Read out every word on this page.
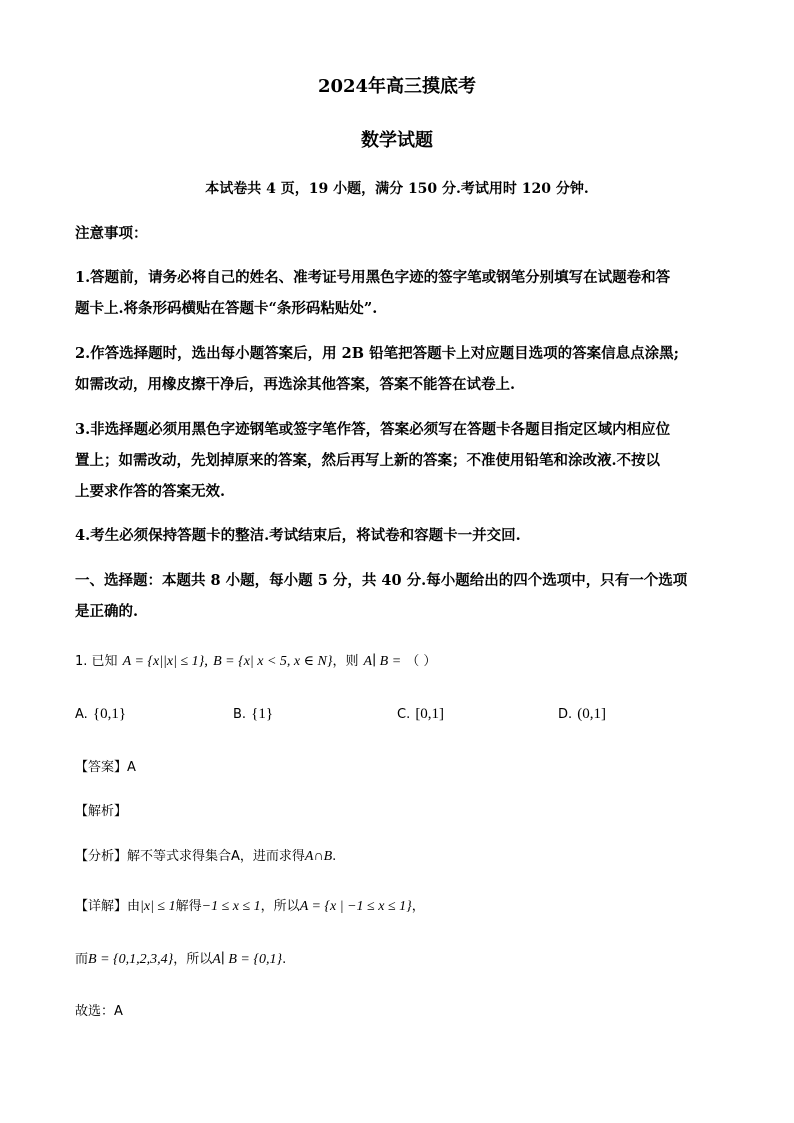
2024年高三摸底考
数学试题
本试卷共 4 页，19 小题，满分 150 分.考试用时 120 分钟.
注意事项：
1.答题前，请务必将自己的姓名、准考证号用黑色字迹的签字笔或钢笔分别填写在试题卷和答
题卡上.将条形码横贴在答题卡“条形码粘贴处”.
2.作答选择题时，选出每小题答案后，用 2B 铅笔把答题卡上对应题目选项的答案信息点涂黑;
如需改动，用橡皮擦干净后，再选涂其他答案，答案不能答在试卷上.
3.非选择题必须用黑色字迹钢笔或签字笔作答，答案必须写在答题卡各题目指定区域内相应位
置上；如需改动，先划掉原来的答案，然后再写上新的答案；不准使用铅笔和涂改液.不按以
上要求作答的答案无效.
4.考生必须保持答题卡的整洁.考试结束后，将试卷和容题卡一并交回.
一、选择题：本题共 8 小题，每小题 5 分，共 40 分.每小题给出的四个选项中，只有一个选项
是正确的.
1. 已知 A = {x||x| ≤ 1}, B = {x| x < 5, x ∈ N}，则 A∣ B = （ ）
A. {0,1}	B. {1}	C. [0,1]	D. (0,1]
【答案】A
【解析】
【分析】解不等式求得集合A，进而求得A∩B.
【详解】由|x| ≤ 1解得−1 ≤ x ≤ 1，所以A = {x | −1 ≤ x ≤ 1}，
而B = {0,1,2,3,4}，所以A∣ B = {0,1}.
故选：A
